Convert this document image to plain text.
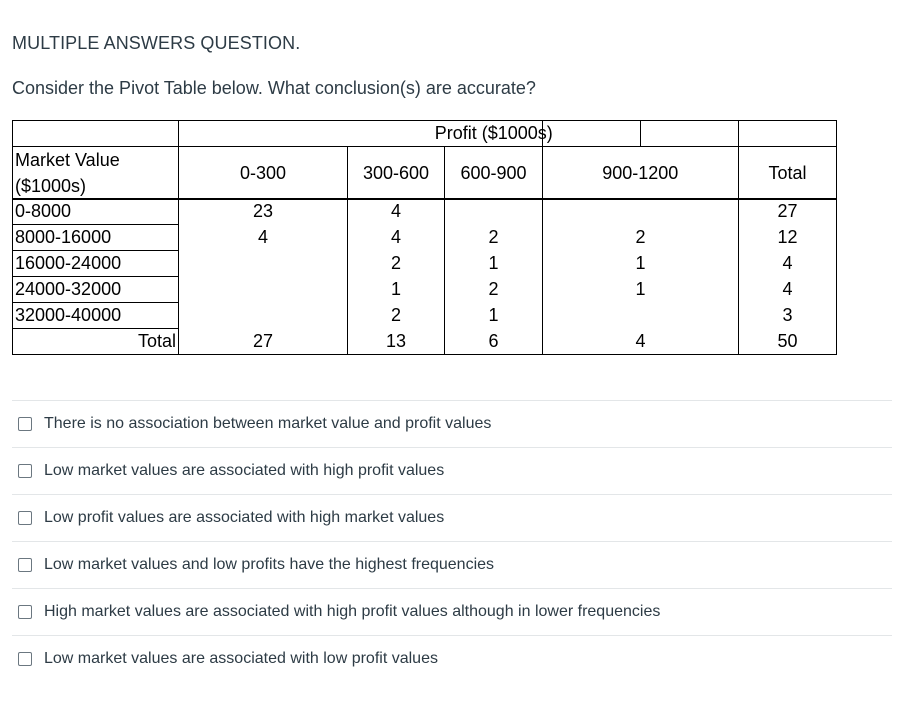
MULTIPLE ANSWERS QUESTION.
Consider the Pivot Table below. What conclusion(s) are accurate?
		Profit ($1000s)				

Market Value
($1000s)	0-300	300-600	600-900		900-1200	Total
0-8000	23	4			27
8000-16000	4	4	2	2	12
16000-24000		2	1	1	4
24000-32000		1	2	1	4
32000-40000		2	1		3
Total	27	13	6	4	50
There is no association between market value and profit values
Low market values are associated with high profit values
Low profit values are associated with high market values
Low market values and low profits have the highest frequencies
High market values are associated with high profit values although in lower frequencies
Low market values are associated with low profit values
